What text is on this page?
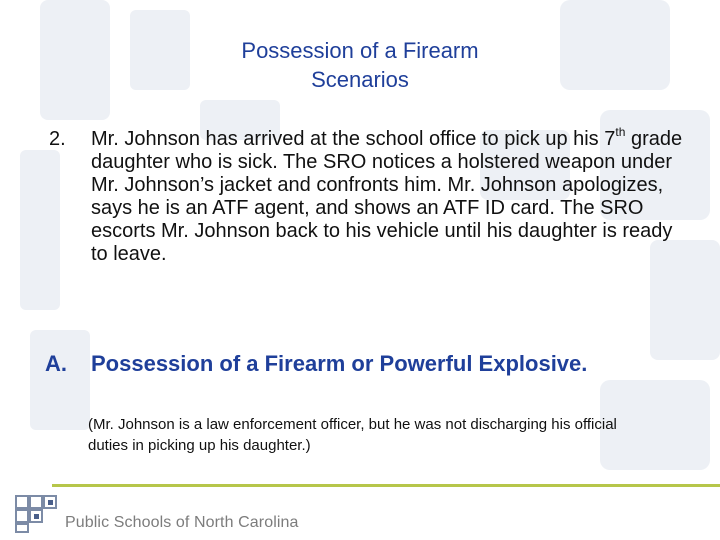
Possession of a Firearm
Scenarios
2. Mr. Johnson has arrived at the school office to pick up his 7th grade daughter who is sick. The SRO notices a holstered weapon under Mr. Johnson’s jacket and confronts him. Mr. Johnson apologizes, says he is an ATF agent, and shows an ATF ID card. The SRO escorts Mr. Johnson back to his vehicle until his daughter is ready to leave.
A. Possession of a Firearm or Powerful Explosive.
(Mr. Johnson is a law enforcement officer, but he was not discharging his official duties in picking up his daughter.)
Public Schools of North Carolina
